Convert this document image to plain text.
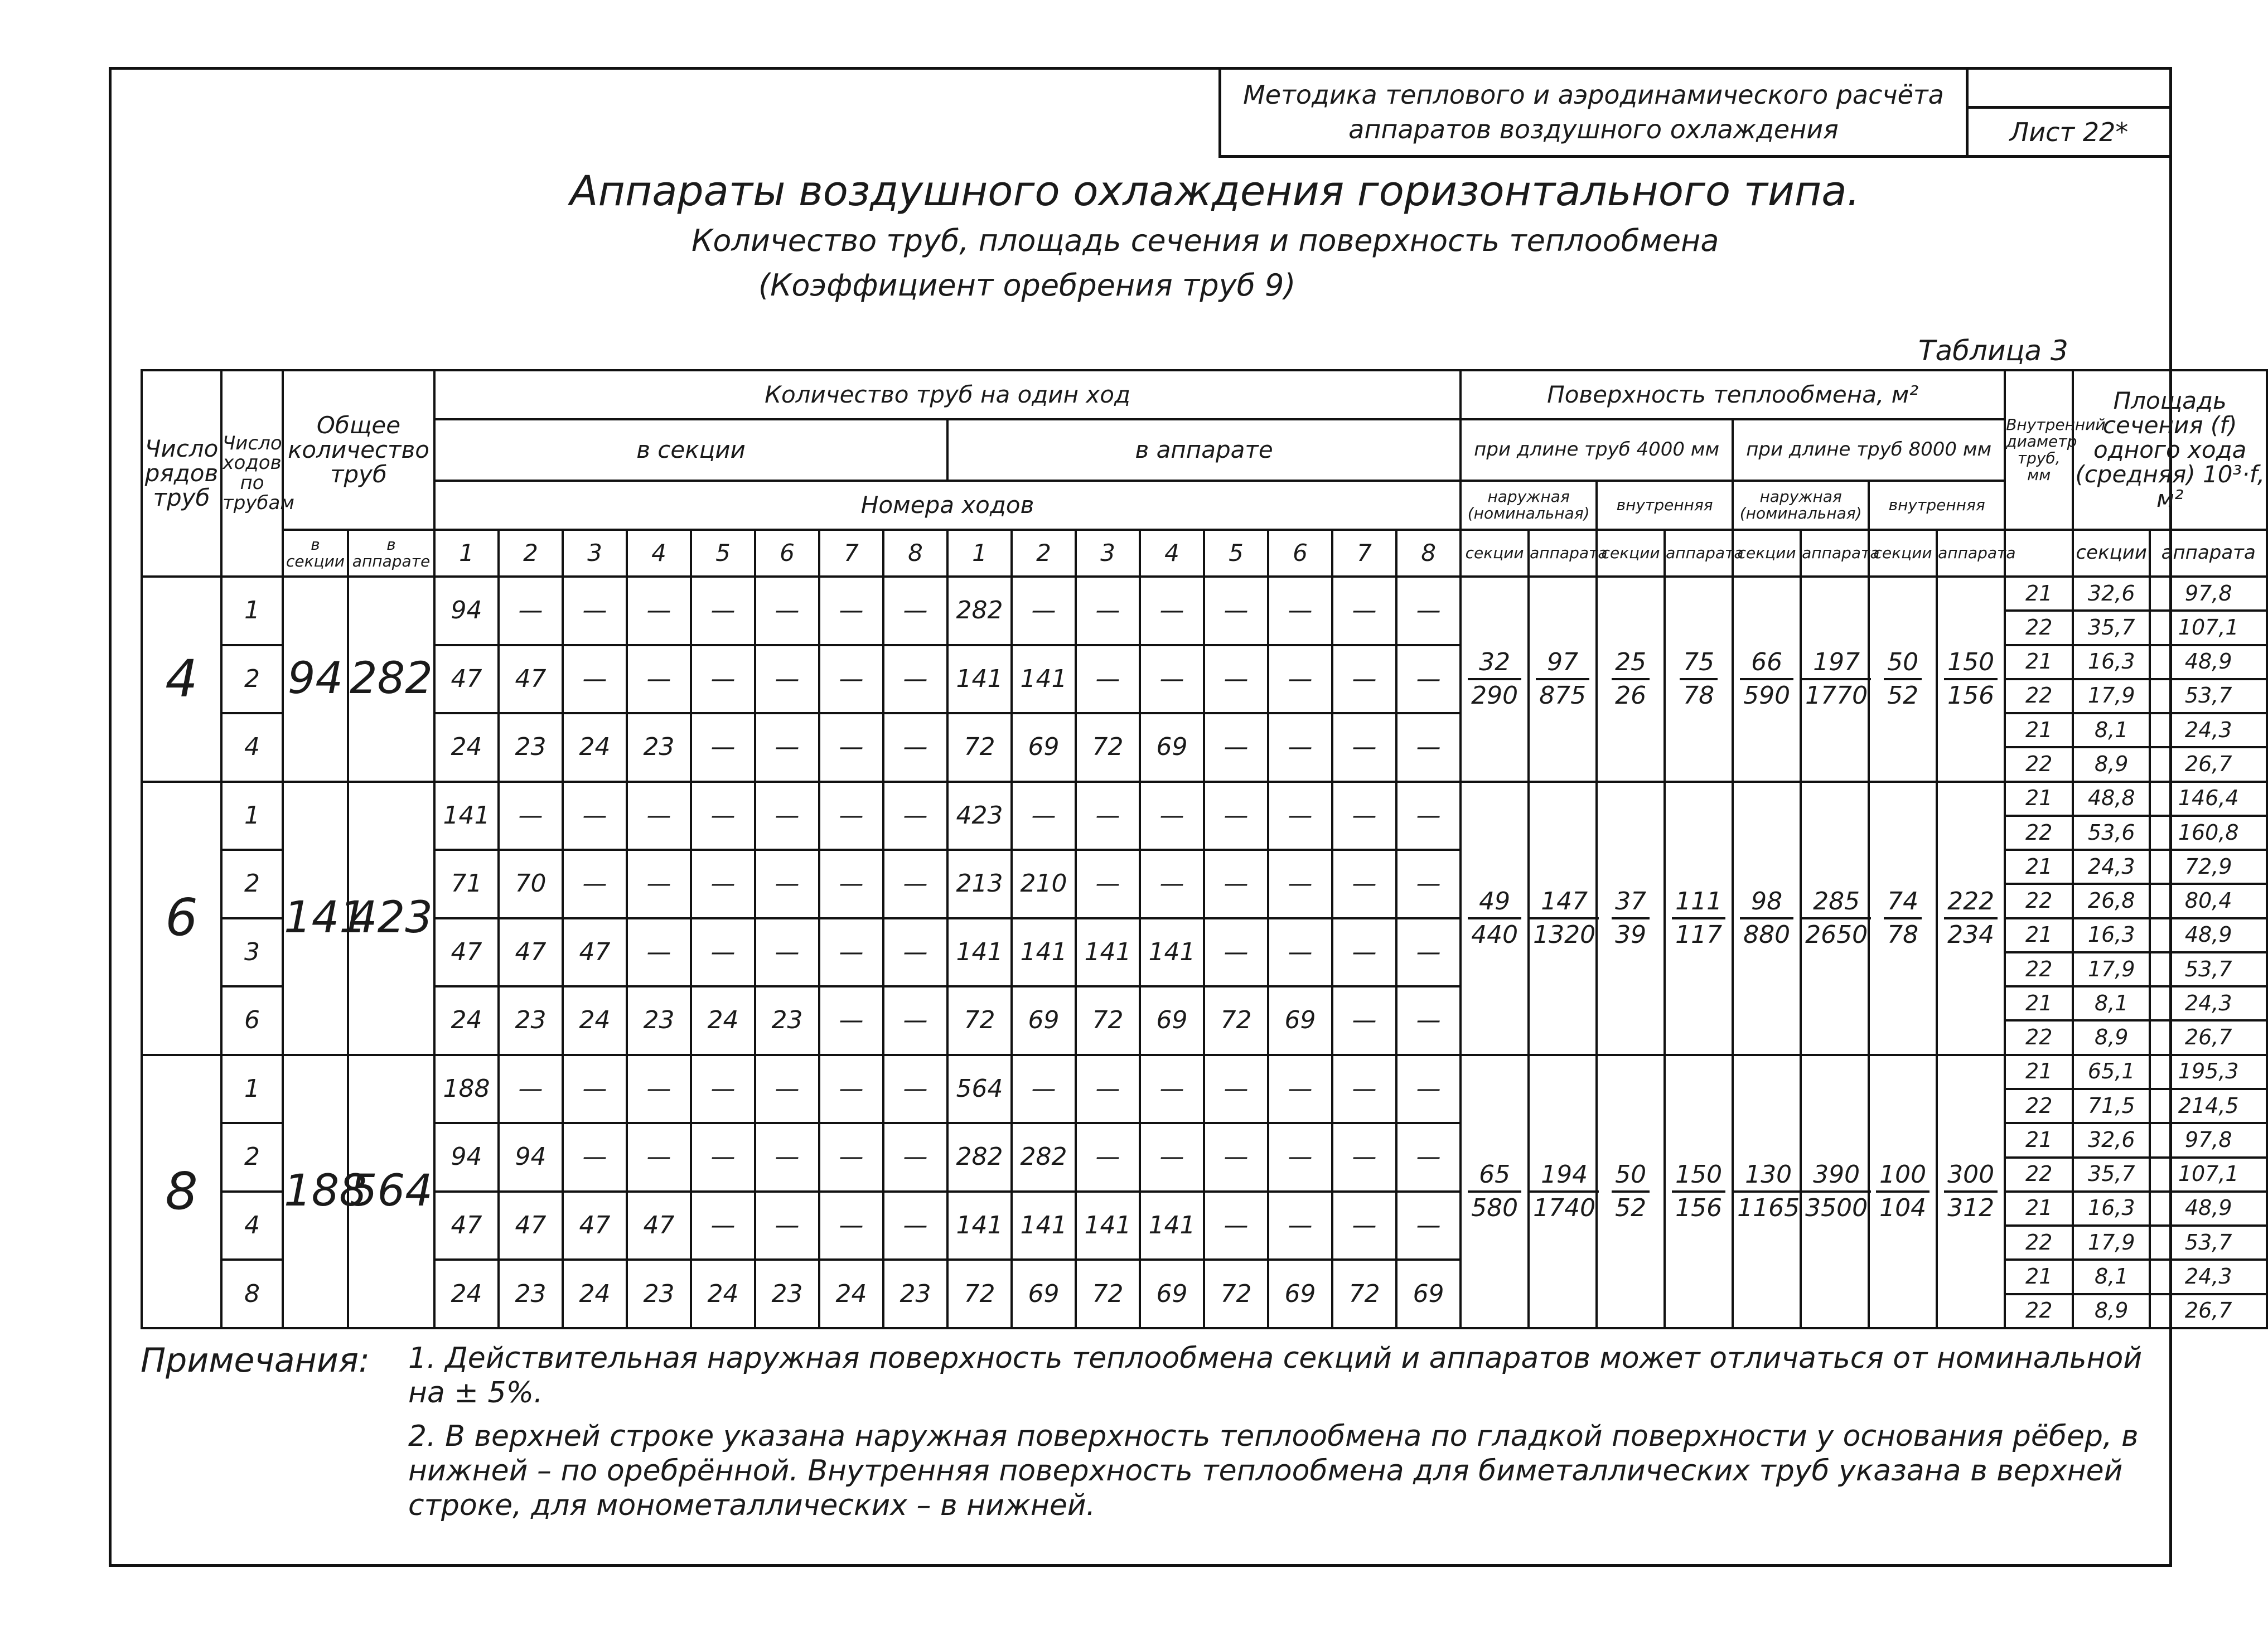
Методика теплового и аэродинамического расчёта
аппаратов воздушного охлаждения	Лист 22*
Аппараты воздушного охлаждения горизонтального типа.
Количество труб, площадь сечения и поверхность теплообмена
(Коэффициент оребрения труб 9)
Таблица 3
Число рядов труб	Число ходов по трубам	Общее количество труб		Количество труб на один ход																Поверхность теплообмена, м²								Внутренний диаметр труб, мм	Площадь сечения (f) одного хода (средняя) 10³·f, м²	
				в секции								в аппарате								при длине труб 4000 мм				при длине труб 8000 мм						
				Номера ходов																наружная (номинальная)		внутренняя		наружная (номинальная)		внутренняя				
		в секции	в аппарате	1	2	3	4	5	6	7	8	1	2	3	4	5	6	7	8	секции	аппарата	секции	аппарата	секции	аппарата	секции	аппарата		секции	аппарата
4	1	94	282	94	—	—	—	—	—	—	—	282	—	—	—	—	—	—	—	$\frac{32}{290}$	$\frac{97}{875}$	$\frac{25}{26}$	$\frac{75}{78}$	$\frac{66}{590}$	$\frac{197}{1770}$	$\frac{50}{52}$	$\frac{150}{156}$	21	32,6	97,8
																												22	35,7	107,1
	2			47	47	—	—	—	—	—	—	141	141	—	—	—	—	—	—									21	16,3	48,9
																												22	17,9	53,7
	4			24	23	24	23	—	—	—	—	72	69	72	69	—	—	—	—									21	8,1	24,3
																												22	8,9	26,7
6	1	141	423	141	—	—	—	—	—	—	—	423	—	—	—	—	—	—	—	$\frac{49}{440}$	$\frac{147}{1320}$	$\frac{37}{39}$	$\frac{111}{117}$	$\frac{98}{880}$	$\frac{285}{2650}$	$\frac{74}{78}$	$\frac{222}{234}$	21	48,8	146,4
																												22	53,6	160,8
	2			71	70	—	—	—	—	—	—	213	210	—	—	—	—	—	—									21	24,3	72,9
																												22	26,8	80,4
	3			47	47	47	—	—	—	—	—	141	141	141	141	—	—	—	—									21	16,3	48,9
																												22	17,9	53,7
	6			24	23	24	23	24	23	—	—	72	69	72	69	72	69	—	—									21	8,1	24,3
																												22	8,9	26,7
8	1	188	564	188	—	—	—	—	—	—	—	564	—	—	—	—	—	—	—	$\frac{65}{580}$	$\frac{194}{1740}$	$\frac{50}{52}$	$\frac{150}{156}$	$\frac{130}{1165}$	$\frac{390}{3500}$	$\frac{100}{104}$	$\frac{300}{312}$	21	65,1	195,3
																												22	71,5	214,5
	2			94	94	—	—	—	—	—	—	282	282	—	—	—	—	—	—									21	32,6	97,8
																												22	35,7	107,1
	4			47	47	47	47	—	—	—	—	141	141	141	141	—	—	—	—									21	16,3	48,9
																												22	17,9	53,7
	8			24	23	24	23	24	23	24	23	72	69	72	69	72	69	72	69									21	8,1	24,3
																												22	8,9	26,7
Примечания: 1. Действительная наружная поверхность теплообмена секций и аппаратов может отличаться от номинальной на ± 5%.
2. В верхней строке указана наружная поверхность теплообмена по гладкой поверхности у основания рёбер, в нижней – по оребрённой. Внутренняя поверхность теплообмена для биметаллических труб указана в верхней строке, для монометаллических – в нижней.
